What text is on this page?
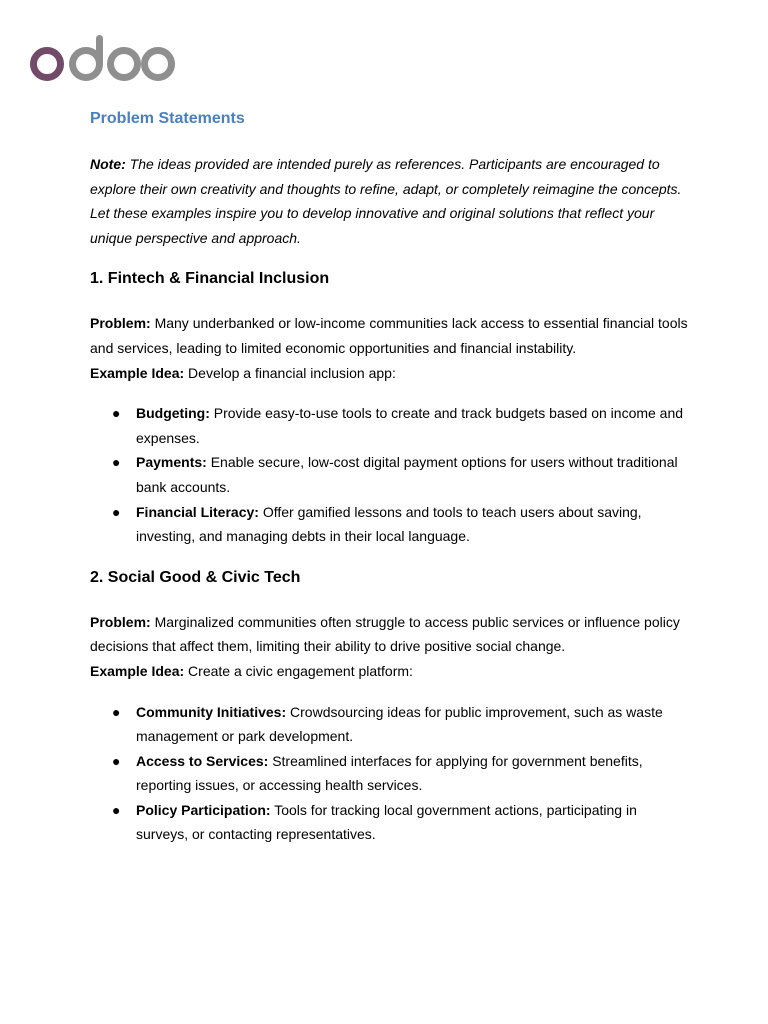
Problem Statements

Note: The ideas provided are intended purely as references. Participants are encouraged to explore their own creativity and thoughts to refine, adapt, or completely reimagine the concepts. Let these examples inspire you to develop innovative and original solutions that reflect your unique perspective and approach.

1. Fintech & Financial Inclusion

Problem: Many underbanked or low-income communities lack access to essential financial tools and services, leading to limited economic opportunities and financial instability.

Example Idea: Develop a financial inclusion app:

● Budgeting: Provide easy-to-use tools to create and track budgets based on income and expenses.
● Payments: Enable secure, low-cost digital payment options for users without traditional bank accounts.
● Financial Literacy: Offer gamified lessons and tools to teach users about saving, investing, and managing debts in their local language.
2. Social Good & Civic Tech

Problem: Marginalized communities often struggle to access public services or influence policy decisions that affect them, limiting their ability to drive positive social change.

Example Idea: Create a civic engagement platform:

● Community Initiatives: Crowdsourcing ideas for public improvement, such as waste management or park development.
● Access to Services: Streamlined interfaces for applying for government benefits, reporting issues, or accessing health services.
● Policy Participation: Tools for tracking local government actions, participating in surveys, or contacting representatives.
